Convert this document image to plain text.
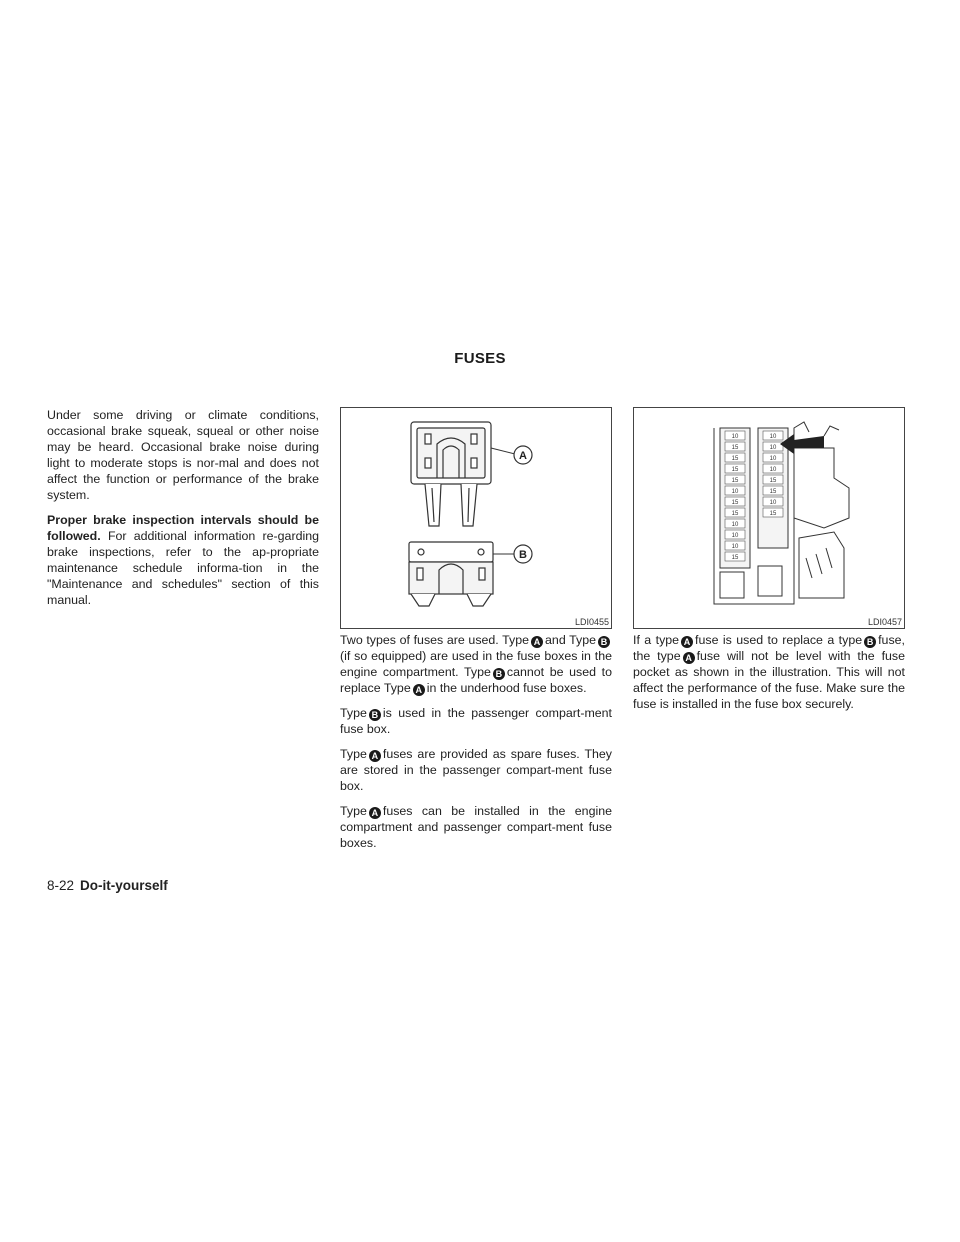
FUSES

Under some driving or climate conditions, occasional brake squeak, squeal or other noise may be heard. Occasional brake noise during light to moderate stops is nor-mal and does not affect the function or performance of the brake system.

Proper brake inspection intervals should be followed. For additional information re-garding brake inspections, refer to the ap-propriate maintenance schedule informa-tion in the "Maintenance and schedules" section of this manual.

A
B
LDI0455
10
15
15
15
15
10
15
15
10
10
10
15
10
10
10
10
15
15
10
15
LDI0457

Two types of fuses are used. Type A and Type B(if so equipped) are used in the fuse boxes in the engine compartment. Type B cannot be used to replace Type A in the underhood fuse boxes.

Type B is used in the passenger compart-ment fuse box.

Type A fuses are provided as spare fuses. They are stored in the passenger compart-ment fuse box.

Type A fuses can be installed in the engine compartment and passenger compart-ment fuse boxes.

If a type A fuse is used to replace a type B fuse, the type A fuse will not be level with the fuse pocket as shown in the illustration. This will not affect the performance of the fuse. Make sure the fuse is installed in the fuse box securely.

8-22 Do-it-yourself
